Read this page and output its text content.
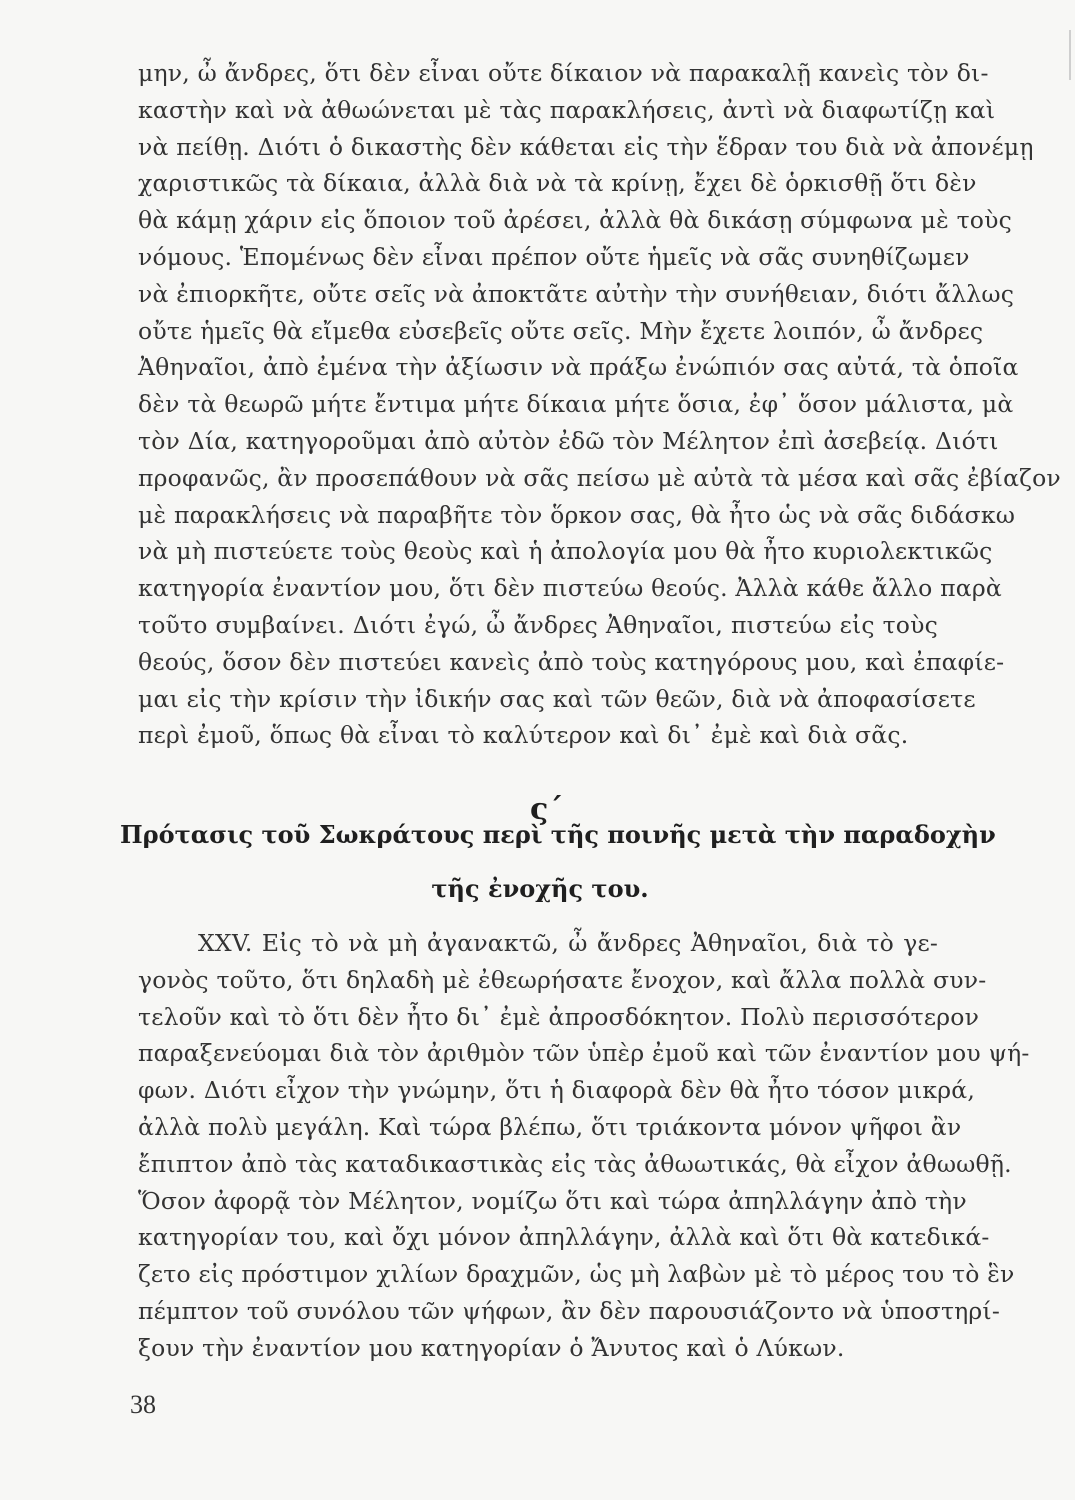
μην, ὦ ἄνδρες, ὅτι δὲν εἶναι οὔτε δίκαιον νὰ παρακαλῇ κανεὶς τὸν δι-
καστὴν καὶ νὰ ἀθωώνεται μὲ τὰς παρακλήσεις, ἀντὶ νὰ διαφωτίζῃ καὶ
νὰ πείθῃ. Διότι ὁ δικαστὴς δὲν κάθεται εἰς τὴν ἕδραν του διὰ νὰ ἀπονέμῃ
χαριστικῶς τὰ δίκαια, ἀλλὰ διὰ νὰ τὰ κρίνῃ, ἔχει δὲ ὁρκισθῇ ὅτι δὲν
θὰ κάμῃ χάριν εἰς ὅποιον τοῦ ἀρέσει, ἀλλὰ θὰ δικάσῃ σύμφωνα μὲ τοὺς
νόμους. Ἑπομένως δὲν εἶναι πρέπον οὔτε ἡμεῖς νὰ σᾶς συνηθίζωμεν
νὰ ἐπιορκῆτε, οὔτε σεῖς νὰ ἀποκτᾶτε αὐτὴν τὴν συνήθειαν, διότι ἄλλως
οὔτε ἡμεῖς θὰ εἴμεθα εὐσεβεῖς οὔτε σεῖς. Μὴν ἔχετε λοιπόν, ὦ ἄνδρες
Ἀθηναῖοι, ἀπὸ ἐμένα τὴν ἀξίωσιν νὰ πράξω ἐνώπιόν σας αὐτά, τὰ ὁποῖα
δὲν τὰ θεωρῶ μήτε ἔντιμα μήτε δίκαια μήτε ὅσια, ἐφ᾿ ὅσον μάλιστα, μὰ
τὸν Δία, κατηγοροῦμαι ἀπὸ αὐτὸν ἐδῶ τὸν Μέλητον ἐπὶ ἀσεβείᾳ. Διότι
προφανῶς, ἂν προσεπάθουν νὰ σᾶς πείσω μὲ αὐτὰ τὰ μέσα καὶ σᾶς ἐβίαζον
μὲ παρακλήσεις νὰ παραβῆτε τὸν ὅρκον σας, θὰ ἦτο ὡς νὰ σᾶς διδάσκω
νὰ μὴ πιστεύετε τοὺς θεοὺς καὶ ἡ ἀπολογία μου θὰ ἦτο κυριολεκτικῶς
κατηγορία ἐναντίον μου, ὅτι δὲν πιστεύω θεούς. Ἀλλὰ κάθε ἄλλο παρὰ
τοῦτο συμβαίνει. Διότι ἐγώ, ὦ ἄνδρες Ἀθηναῖοι, πιστεύω εἰς τοὺς
θεούς, ὅσον δὲν πιστεύει κανεὶς ἀπὸ τοὺς κατηγόρους μου, καὶ ἐπαφίε-
μαι εἰς τὴν κρίσιν τὴν ἰδικήν σας καὶ τῶν θεῶν, διὰ νὰ ἀποφασίσετε
περὶ ἐμοῦ, ὅπως θὰ εἶναι τὸ καλύτερον καὶ δι᾿ ἐμὲ καὶ διὰ σᾶς.
ς΄
Πρότασις τοῦ Σωκράτους περὶ τῆς ποινῆς μετὰ τὴν παραδοχὴν
τῆς ἐνοχῆς του.
XXV. Εἰς τὸ νὰ μὴ ἀγανακτῶ, ὦ ἄνδρες Ἀθηναῖοι, διὰ τὸ γε-
γονὸς τοῦτο, ὅτι δηλαδὴ μὲ ἐθεωρήσατε ἔνοχον, καὶ ἄλλα πολλὰ συν-
τελοῦν καὶ τὸ ὅτι δὲν ἦτο δι᾿ ἐμὲ ἀπροσδόκητον. Πολὺ περισσότερον
παραξενεύομαι διὰ τὸν ἀριθμὸν τῶν ὑπὲρ ἐμοῦ καὶ τῶν ἐναντίον μου ψή-
φων. Διότι εἶχον τὴν γνώμην, ὅτι ἡ διαφορὰ δὲν θὰ ἦτο τόσον μικρά,
ἀλλὰ πολὺ μεγάλη. Καὶ τώρα βλέπω, ὅτι τριάκοντα μόνον ψῆφοι ἂν
ἔπιπτον ἀπὸ τὰς καταδικαστικὰς εἰς τὰς ἀθωωτικάς, θὰ εἶχον ἀθωωθῇ.
Ὅσον ἀφορᾷ τὸν Μέλητον, νομίζω ὅτι καὶ τώρα ἀπηλλάγην ἀπὸ τὴν
κατηγορίαν του, καὶ ὄχι μόνον ἀπηλλάγην, ἀλλὰ καὶ ὅτι θὰ κατεδικά-
ζετο εἰς πρόστιμον χιλίων δραχμῶν, ὡς μὴ λαβὼν μὲ τὸ μέρος του τὸ ἓν
πέμπτον τοῦ συνόλου τῶν ψήφων, ἂν δὲν παρουσιάζοντο νὰ ὑποστηρί-
ξουν τὴν ἐναντίον μου κατηγορίαν ὁ Ἄνυτος καὶ ὁ Λύκων.
38
